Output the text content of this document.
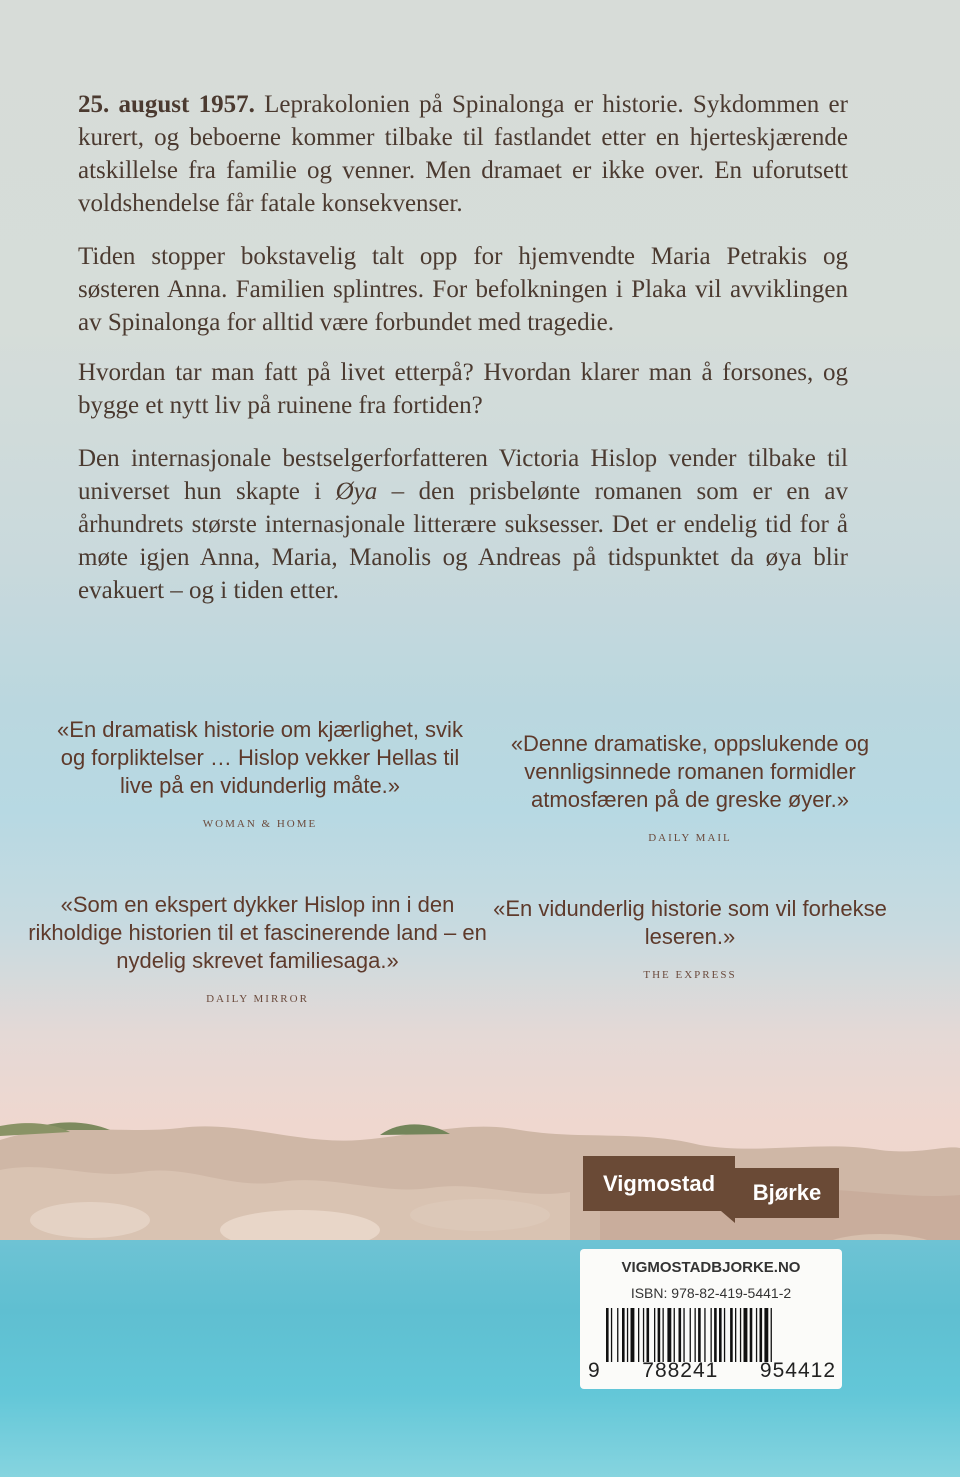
25. august 1957. Leprakolonien på Spinalonga er historie. Sykdommen er kurert, og beboerne kommer tilbake til fastlandet etter en hjerteskjærende atskillelse fra familie og venner. Men dramaet er ikke over. En uforutsett voldshendelse får fatale konsekvenser.

Tiden stopper bokstavelig talt opp for hjemvendte Maria Petrakis og søsteren Anna. Familien splintres. For befolkningen i Plaka vil avviklingen av Spinalonga for alltid være forbundet med tragedie.

Hvordan tar man fatt på livet etterpå? Hvordan klarer man å forsones, og bygge et nytt liv på ruinene fra fortiden?

Den internasjonale bestselgerforfatteren Victoria Hislop vender tilbake til universet hun skapte i Øya – den prisbelønte romanen som er en av århundrets største internasjonale litterære suksesser. Det er endelig tid for å møte igjen Anna, Maria, Manolis og Andreas på tidspunktet da øya blir evakuert – og i tiden etter.

«En dramatisk historie om kjærlighet, svik og forpliktelser … Hislop vekker Hellas til live på en vidunderlig måte.»
WOMAN & HOME
«Denne dramatiske, oppslukende og vennligsinnede romanen formidler atmosfæren på de greske øyer.»
DAILY MAIL
«Som en ekspert dykker Hislop inn i den rikholdige historien til et fascinerende land – en nydelig skrevet familiesaga.»
DAILY MIRROR
«En vidunderlig historie som vil forhekse leseren.»
THE EXPRESS
Vigmostad	Bjørke
VIGMOSTADBJORKE.NO
ISBN: 978-82-419-5441-2
9 788241 954412
